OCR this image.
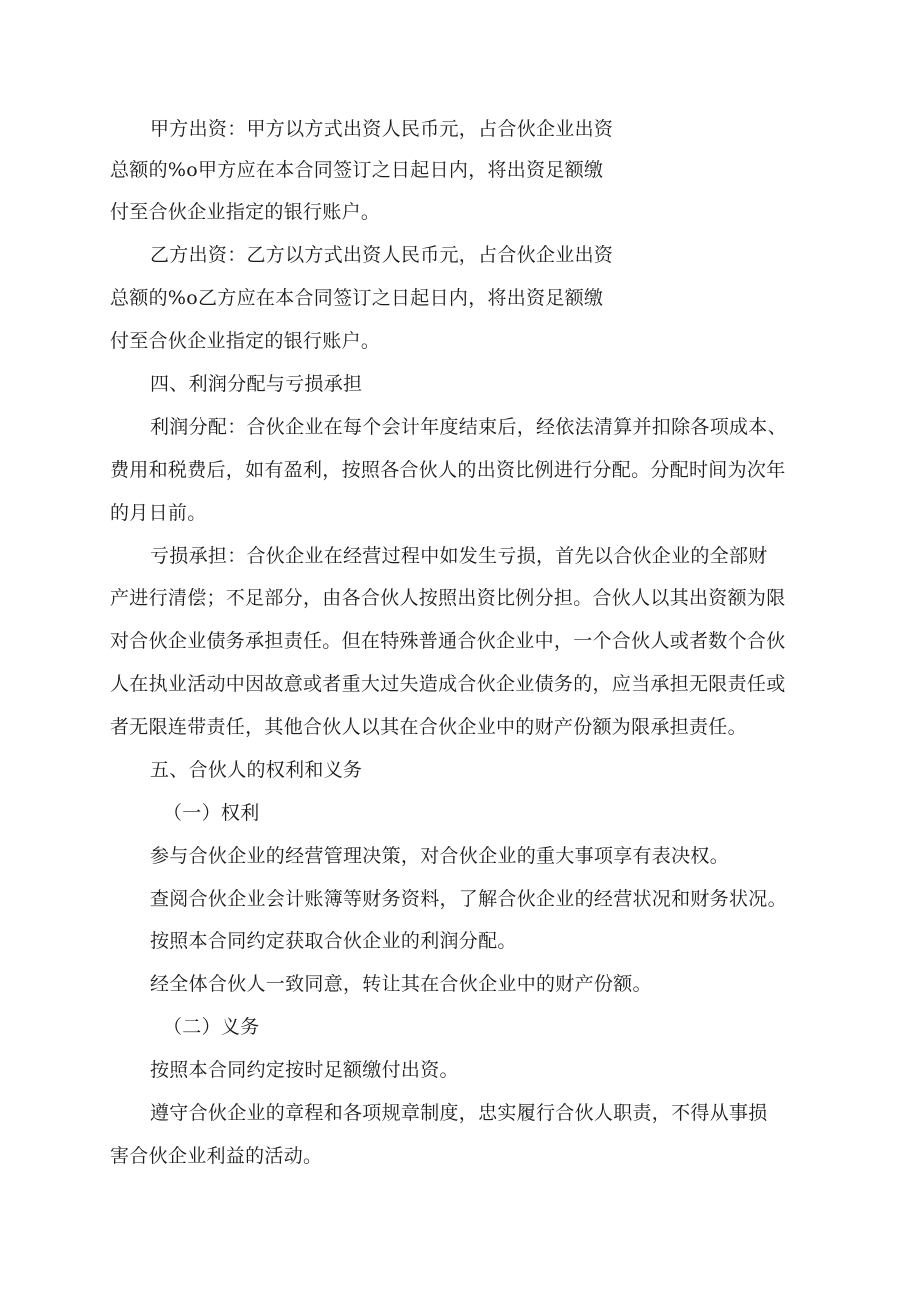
甲方出资：甲方以方式出资人民币元，占合伙企业出资
总额的%o甲方应在本合同签订之日起日内，将出资足额缴
付至合伙企业指定的银行账户。
乙方出资：乙方以方式出资人民币元，占合伙企业出资
总额的%o乙方应在本合同签订之日起日内，将出资足额缴
付至合伙企业指定的银行账户。
四、利润分配与亏损承担
利润分配：合伙企业在每个会计年度结束后，经依法清算并扣除各项成本、
费用和税费后，如有盈利，按照各合伙人的出资比例进行分配。分配时间为次年
的月日前。
亏损承担：合伙企业在经营过程中如发生亏损，首先以合伙企业的全部财
产进行清偿；不足部分，由各合伙人按照出资比例分担。合伙人以其出资额为限
对合伙企业债务承担责任。但在特殊普通合伙企业中，一个合伙人或者数个合伙
人在执业活动中因故意或者重大过失造成合伙企业债务的，应当承担无限责任或
者无限连带责任，其他合伙人以其在合伙企业中的财产份额为限承担责任。
五、合伙人的权利和义务
（一）权利
参与合伙企业的经营管理决策，对合伙企业的重大事项享有表决权。
查阅合伙企业会计账簿等财务资料，了解合伙企业的经营状况和财务状况。
按照本合同约定获取合伙企业的利润分配。
经全体合伙人一致同意，转让其在合伙企业中的财产份额。
（二）义务
按照本合同约定按时足额缴付出资。
遵守合伙企业的章程和各项规章制度，忠实履行合伙人职责，不得从事损
害合伙企业利益的活动。
